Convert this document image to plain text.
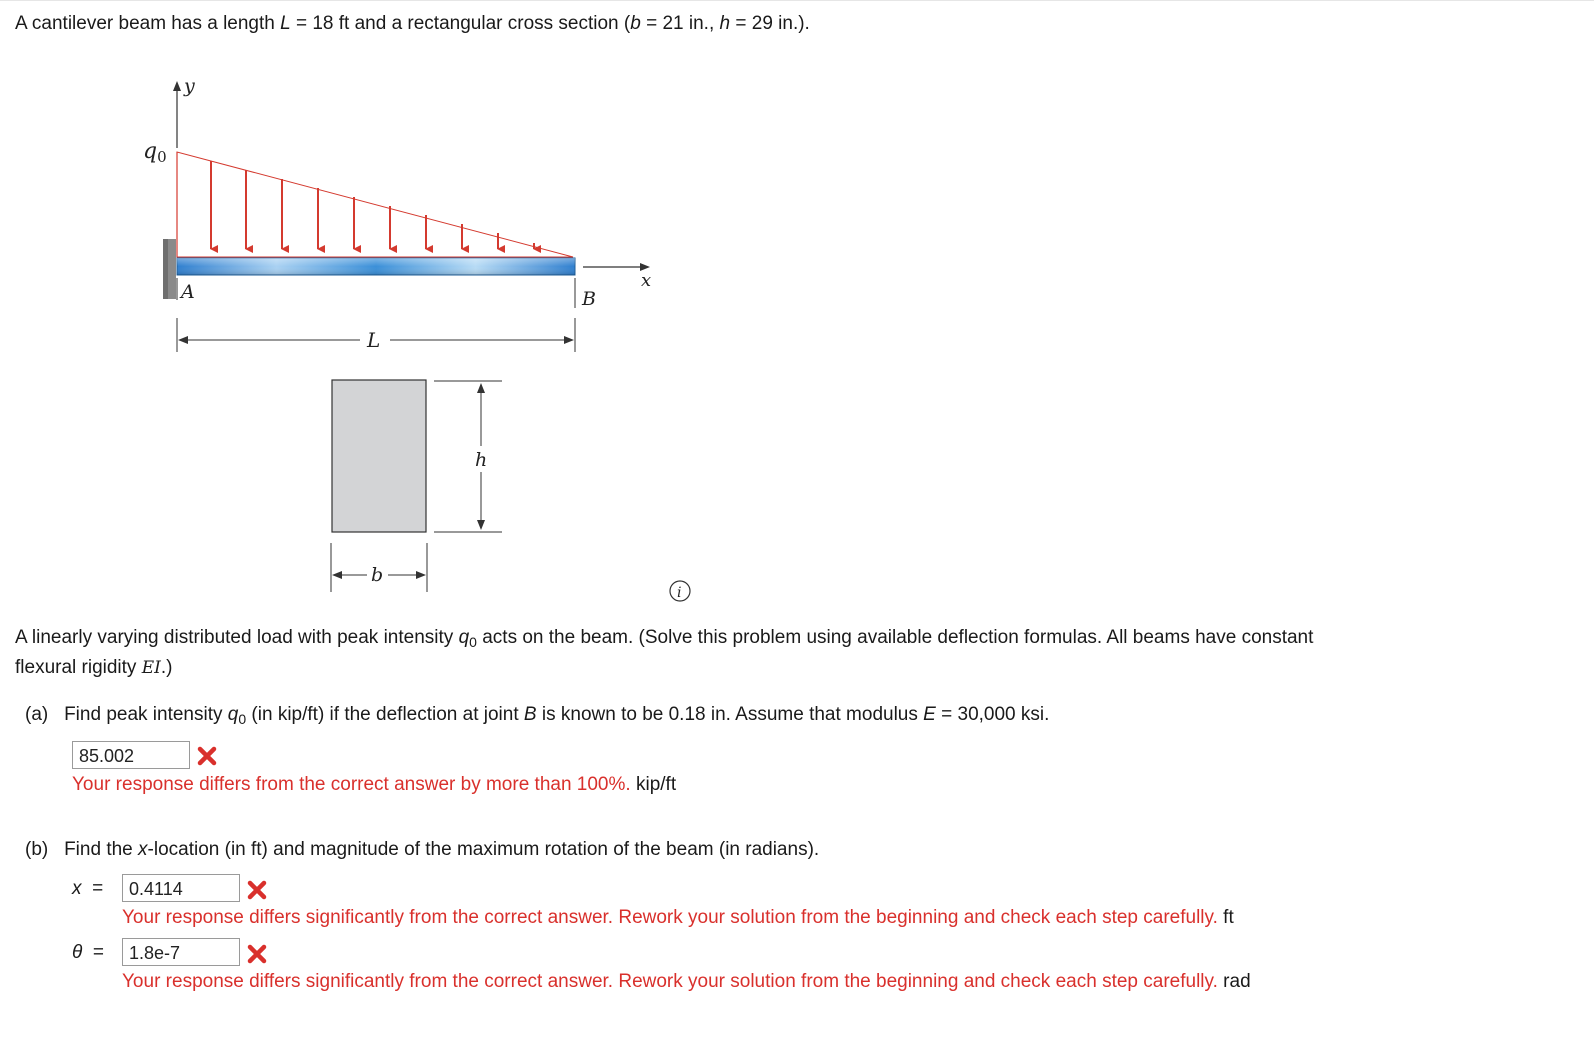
A cantilever beam has a length L = 18 ft and a rectangular cross section (b = 21 in., h = 29 in.).
y
q0
x
A	B
L
h
b
i
A linearly varying distributed load with peak intensity $q_0$ acts on the beam. (Solve this problem using available deflection formulas. All beams have constant
flexural rigidity EI.)
(a) Find peak intensity $q_0$ (in kip/ft) if the deflection at joint B is known to be 0.18 in. Assume that modulus E = 30,000 ksi.
85.002
Your response differs from the correct answer by more than 100%. kip/ft
(b) Find the x-location (in ft) and magnitude of the maximum rotation of the beam (in radians).
x =	0.4114
Your response differs significantly from the correct answer. Rework your solution from the beginning and check each step carefully. ft
θ =	1.8e-7
Your response differs significantly from the correct answer. Rework your solution from the beginning and check each step carefully. rad
